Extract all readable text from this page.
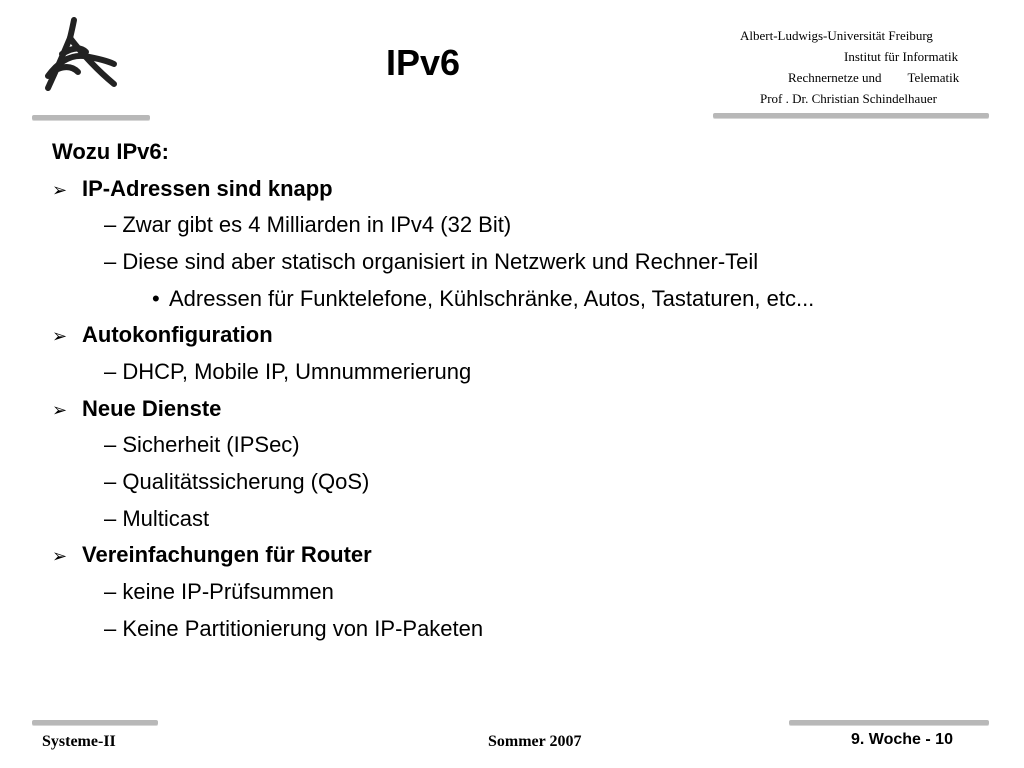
IPv6
Albert-Ludwigs-Universität Freiburg
Institut für Informatik
Rechnernetze und Telematik
Prof . Dr. Christian Schindelhauer
Wozu IPv6:
➢ IP-Adressen sind knapp
– Zwar gibt es 4 Milliarden in IPv4 (32 Bit)
– Diese sind aber statisch organisiert in Netzwerk und Rechner-Teil
• Adressen für Funktelefone, Kühlschränke, Autos, Tastaturen, etc...
➢ Autokonfiguration
– DHCP, Mobile IP, Umnummerierung
➢ Neue Dienste
– Sicherheit (IPSec)
– Qualitätssicherung (QoS)
– Multicast
➢ Vereinfachungen für Router
– keine IP-Prüfsummen
– Keine Partitionierung von IP-Paketen
Systeme-II	Sommer 2007	9. Woche - 10
